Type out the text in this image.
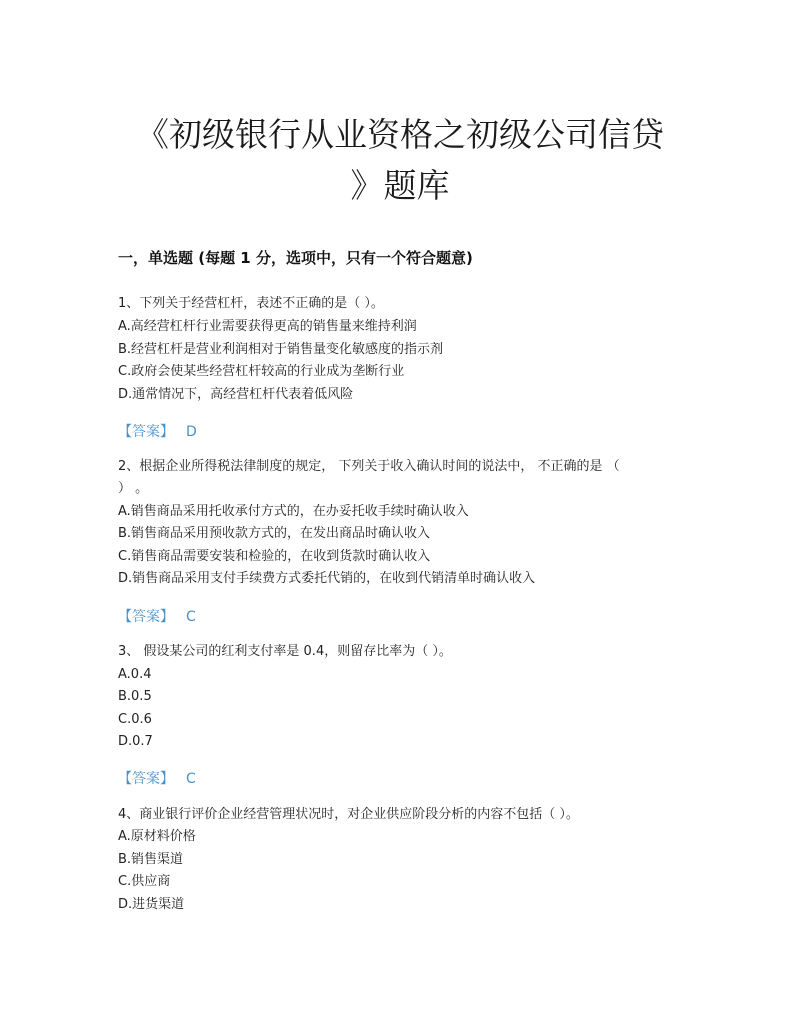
《初级银行从业资格之初级公司信贷
》题库
一，单选题 (每题 1 分，选项中，只有一个符合题意)
1、下列关于经营杠杆，表述不正确的是（ ）。
A.高经营杠杆行业需要获得更高的销售量来维持利润
B.经营杠杆是营业利润相对于销售量变化敏感度的指示剂
C.政府会使某些经营杠杆较高的行业成为垄断行业
D.通常情况下，高经营杠杆代表着低风险
【答案】 D
2、根据企业所得税法律制度的规定， 下列关于收入确认时间的说法中， 不正确的是 （
） 。
A.销售商品采用托收承付方式的，在办妥托收手续时确认收入
B.销售商品采用预收款方式的，在发出商品时确认收入
C.销售商品需要安装和检验的，在收到货款时确认收入
D.销售商品采用支付手续费方式委托代销的，在收到代销清单时确认收入
【答案】 C
3、 假设某公司的红利支付率是 0.4，则留存比率为（ ）。
A.0.4
B.0.5
C.0.6
D.0.7
【答案】 C
4、商业银行评价企业经营管理状况时，对企业供应阶段分析的内容不包括（ ）。
A.原材料价格
B.销售渠道
C.供应商
D.进货渠道
